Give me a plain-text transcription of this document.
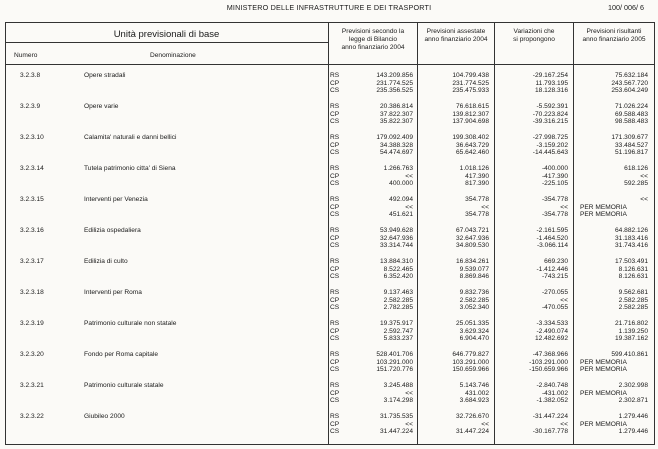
MINISTERO DELLE INFRASTRUTTURE E DEI TRASPORTI	100/ 006/ 6
Unità previsionali di base
Numero	Denominazione
Previsioni secondo la
legge di Bilancio
anno finanziario 2004
Previsioni assestate
anno finanziario 2004
Variazioni che
si propongono
Previsioni risultanti
anno finanziario 2005
3.2.3.8	Opere stradali	RS	143.209.856	104.799.438	-29.167.254	75.632.184
CP	231.774.525	231.774.525	11.793.195	243.567.720
CS	235.356.525	235.475.933	18.128.316	253.604.249
3.2.3.9	Opere varie	RS	20.386.814	76.618.615	-5.592.391	71.026.224
CP	37.822.307	139.812.307	-70.223.824	69.588.483
CS	35.822.307	137.904.698	-39.316.215	98.588.483
3.2.3.10	Calamita' naturali e danni bellici	RS	179.092.409	199.308.402	-27.998.725	171.309.677
CP	34.388.328	36.643.729	-3.159.202	33.484.527
CS	54.474.697	65.642.460	-14.445.643	51.196.817
3.2.3.14	Tutela patrimonio citta' di Siena	RS	1.266.763	1.018.126	-400.000	618.126
CP	<<	417.390	-417.390	<<
CS	400.000	817.390	-225.105	592.285
3.2.3.15	Interventi per Venezia	RS	492.094	354.778	-354.778	<<
CP	<<	<<	<< PER MEMORIA
CS	451.621	354.778	-354.778 PER MEMORIA
3.2.3.16	Edilizia ospedaliera	RS	53.949.628	67.043.721	-2.161.595	64.882.126
CP	32.647.936	32.647.936	-1.464.520	31.183.416
CS	33.314.744	34.809.530	-3.066.114	31.743.416
3.2.3.17	Edilizia di culto	RS	13.884.310	16.834.261	669.230	17.503.491
CP	8.522.465	9.539.077	-1.412.446	8.126.631
CS	6.352.420	8.869.846	-743.215	8.126.631
3.2.3.18	Interventi per Roma	RS	9.137.463	9.832.736	-270.055	9.562.681
CP	2.582.285	2.582.285	<<	2.582.285
CS	2.782.285	3.052.340	-470.055	2.582.285
3.2.3.19	Patrimonio culturale non statale	RS	19.375.917	25.051.335	-3.334.533	21.716.802
CP	2.592.747	3.629.324	-2.490.074	1.139.250
CS	5.833.237	6.904.470	12.482.692	19.387.162
3.2.3.20	Fondo per Roma capitale	RS	528.401.706	646.779.827	-47.368.966	599.410.861
CP	103.291.000	103.291.000	-103.291.000 PER MEMORIA
CS	151.720.776	150.659.966	-150.659.966 PER MEMORIA
3.2.3.21	Patrimonio culturale statale	RS	3.245.488	5.143.746	-2.840.748	2.302.998
CP	<<	431.002	-431.002 PER MEMORIA
CS	3.174.298	3.684.923	-1.382.052	2.302.871
3.2.3.22	Giubileo 2000	RS	31.735.535	32.726.670	-31.447.224	1.279.446
CP	<<	<<	<< PER MEMORIA
CS	31.447.224	31.447.224	-30.167.778	1.279.446
